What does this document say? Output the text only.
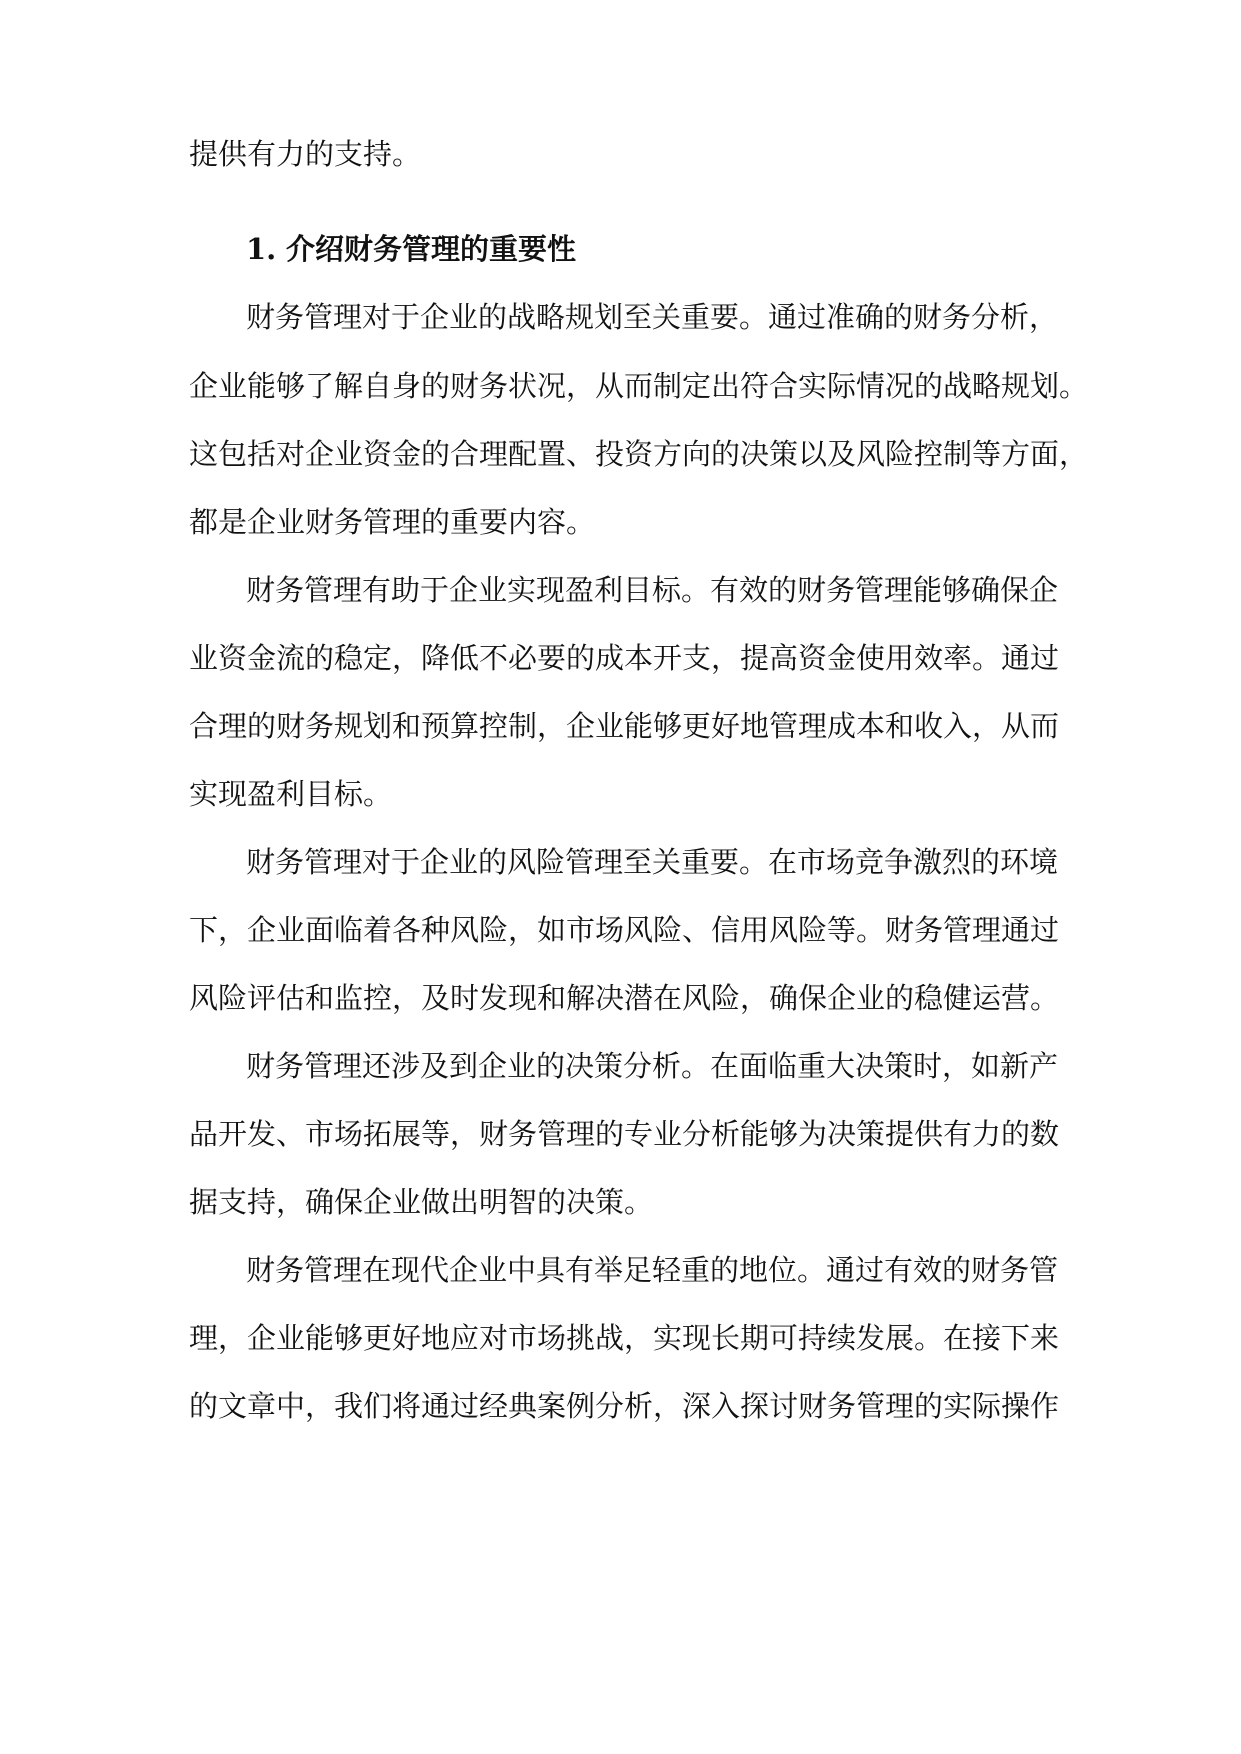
提供有力的支持。
1. 介绍财务管理的重要性
财务管理对于企业的战略规划至关重要。通过准确的财务分析，
企业能够了解自身的财务状况，从而制定出符合实际情况的战略规划。
这包括对企业资金的合理配置、投资方向的决策以及风险控制等方面，
都是企业财务管理的重要内容。
财务管理有助于企业实现盈利目标。有效的财务管理能够确保企
业资金流的稳定，降低不必要的成本开支，提高资金使用效率。通过
合理的财务规划和预算控制，企业能够更好地管理成本和收入，从而
实现盈利目标。
财务管理对于企业的风险管理至关重要。在市场竞争激烈的环境
下，企业面临着各种风险，如市场风险、信用风险等。财务管理通过
风险评估和监控，及时发现和解决潜在风险，确保企业的稳健运营。
财务管理还涉及到企业的决策分析。在面临重大决策时，如新产
品开发、市场拓展等，财务管理的专业分析能够为决策提供有力的数
据支持，确保企业做出明智的决策。
财务管理在现代企业中具有举足轻重的地位。通过有效的财务管
理，企业能够更好地应对市场挑战，实现长期可持续发展。在接下来
的文章中，我们将通过经典案例分析，深入探讨财务管理的实际操作
